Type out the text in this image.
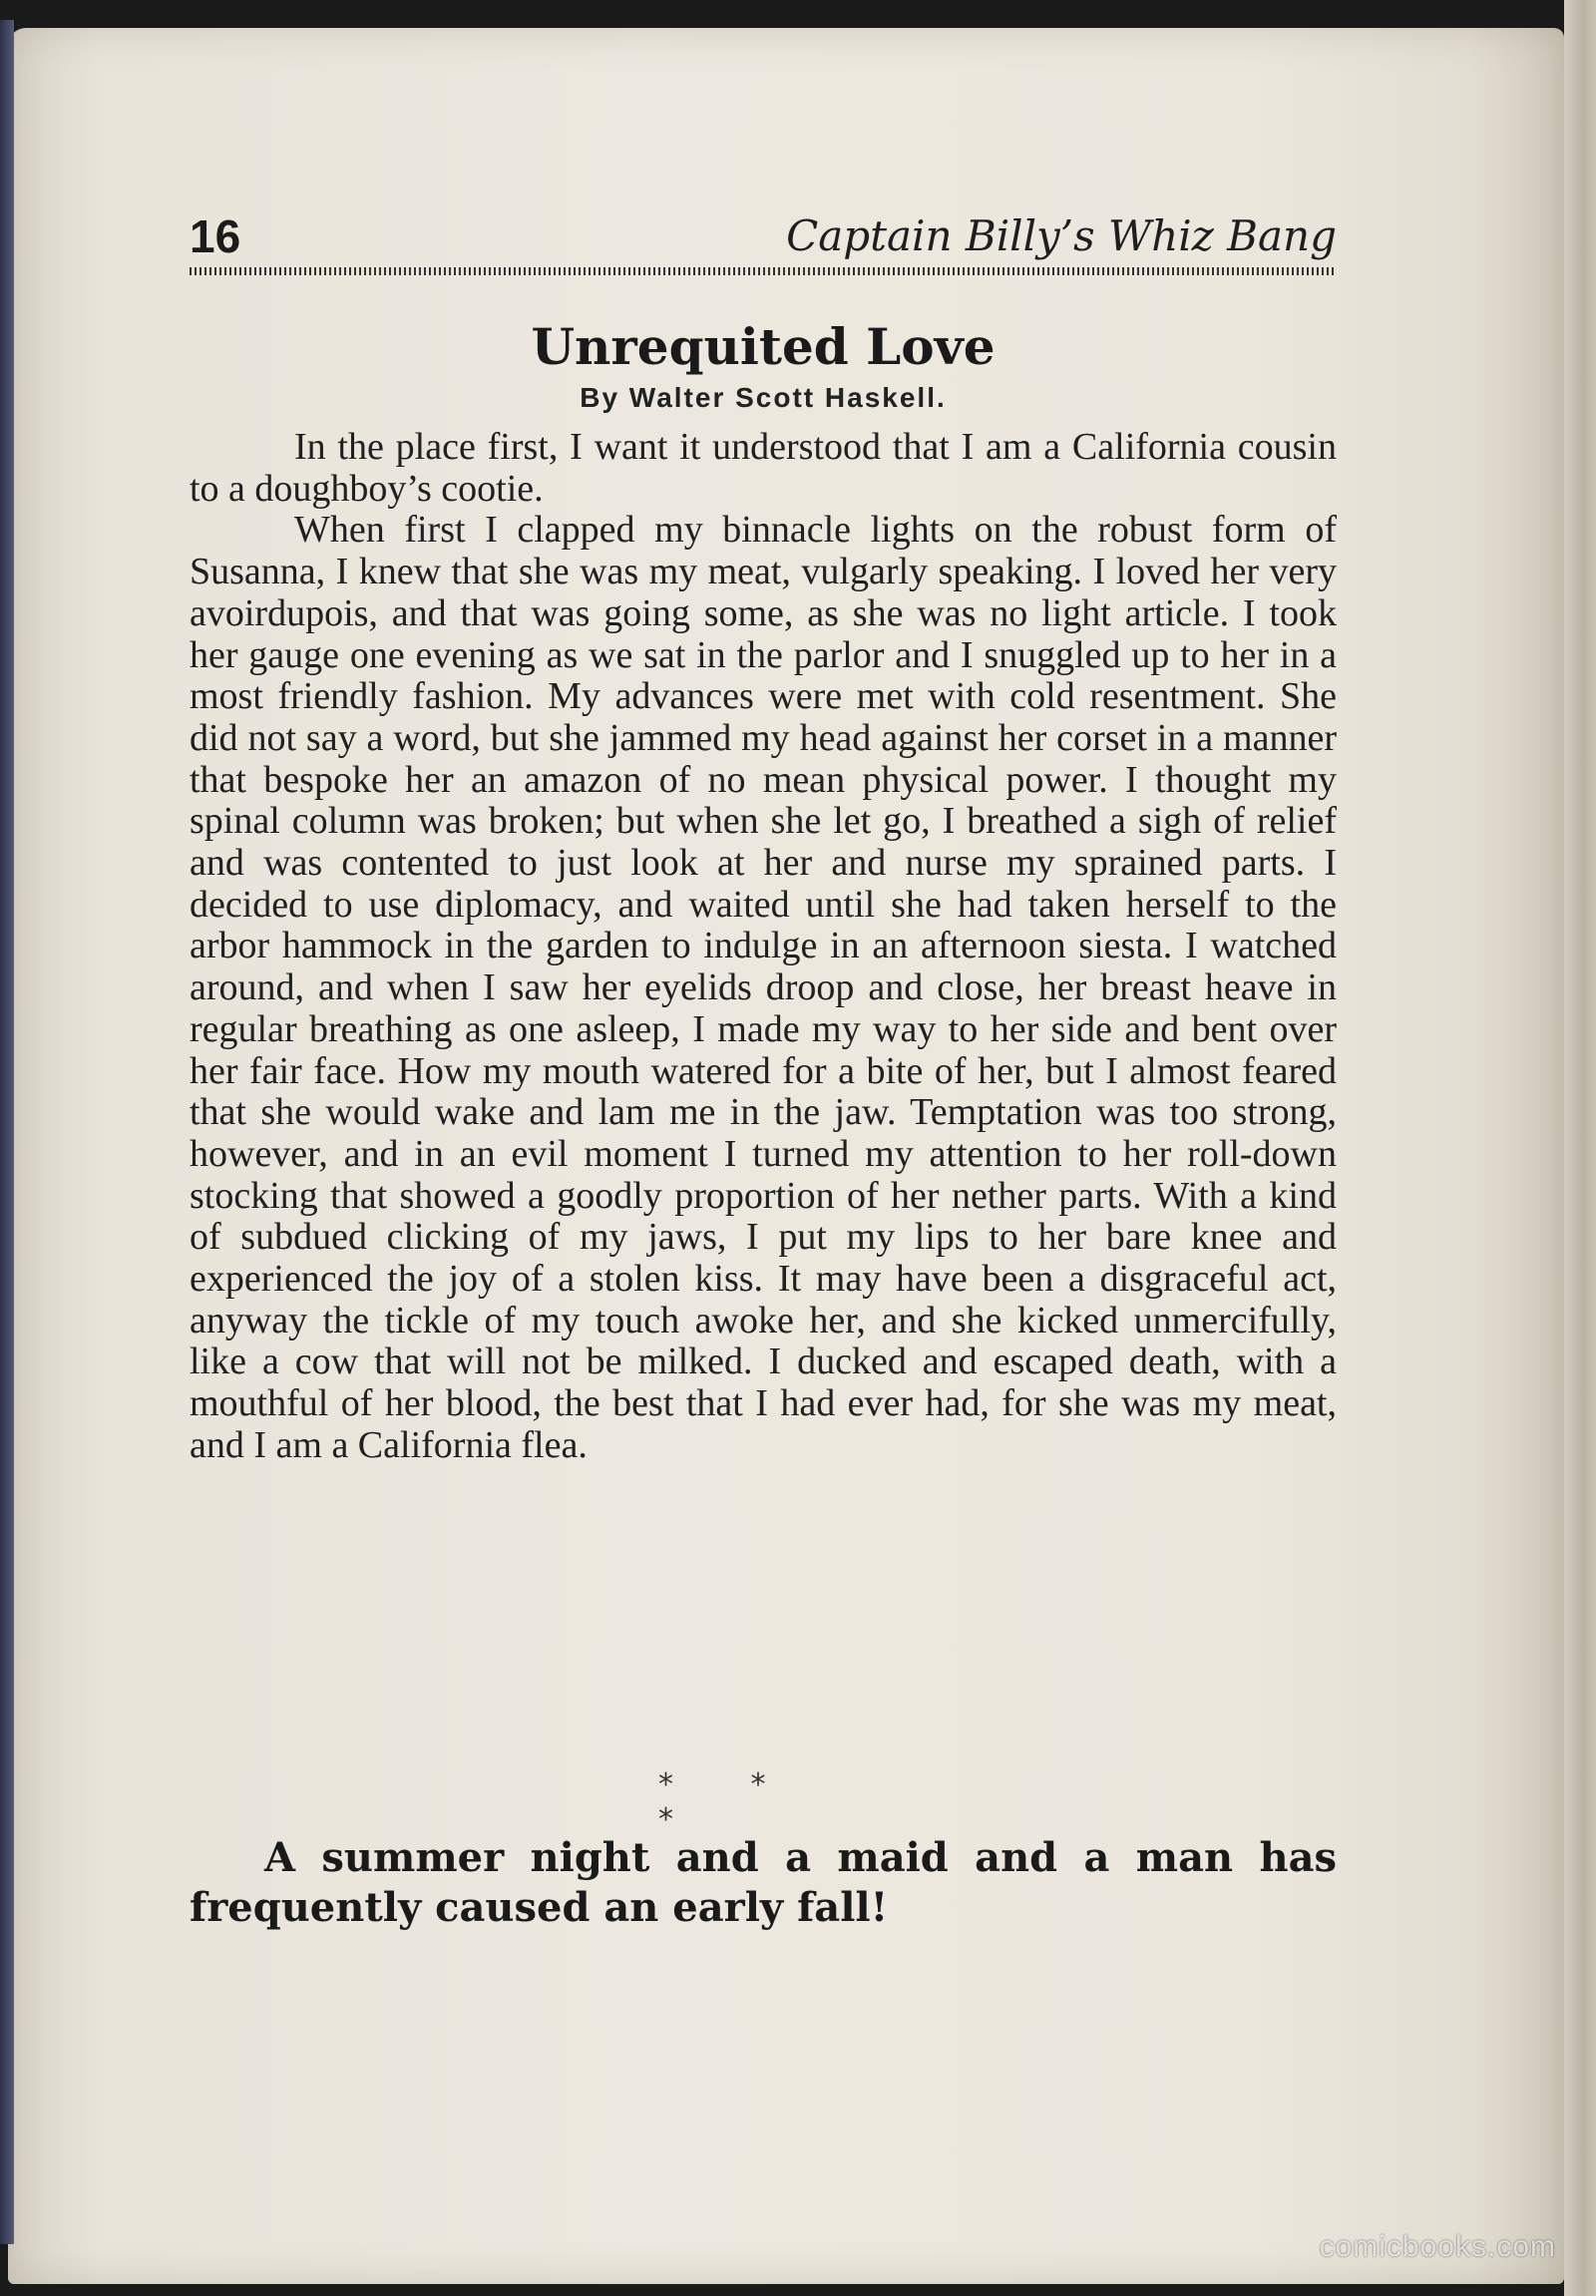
16	Captain Billy’s Whiz Bang
Unrequited Love
By Walter Scott Haskell.

In the place first, I want it understood that I am a California cousin to a doughboy’s cootie.

When first I clapped my binnacle lights on the robust form of Susanna, I knew that she was my meat, vulgarly speaking. I loved her very avoirdupois, and that was going some, as she was no light article. I took her gauge one evening as we sat in the parlor and I snuggled up to her in a most friendly fashion. My advances were met with cold resentment. She did not say a word, but she jammed my head against her corset in a manner that bespoke her an amazon of no mean physical power. I thought my spinal column was broken; but when she let go, I breathed a sigh of relief and was contented to just look at her and nurse my sprained parts. I decided to use diplomacy, and waited until she had taken herself to the arbor hammock in the garden to indulge in an afternoon siesta. I watched around, and when I saw her eyelids droop and close, her breast heave in regular breathing as one asleep, I made my way to her side and bent over her fair face. How my mouth watered for a bite of her, but I almost feared that she would wake and lam me in the jaw. Temptation was too strong, however, and in an evil moment I turned my attention to her roll-down stocking that showed a goodly proportion of her nether parts. With a kind of subdued clicking of my jaws, I put my lips to her bare knee and experienced the joy of a stolen kiss. It may have been a disgraceful act, anyway the tickle of my touch awoke her, and she kicked unmercifully, like a cow that will not be milked. I ducked and escaped death, with a mouthful of her blood, the best that I had ever had, for she was my meat, and I am a California flea.

* * *
A summer night and a maid and a man has frequently caused an early fall!
comicbooks.com
